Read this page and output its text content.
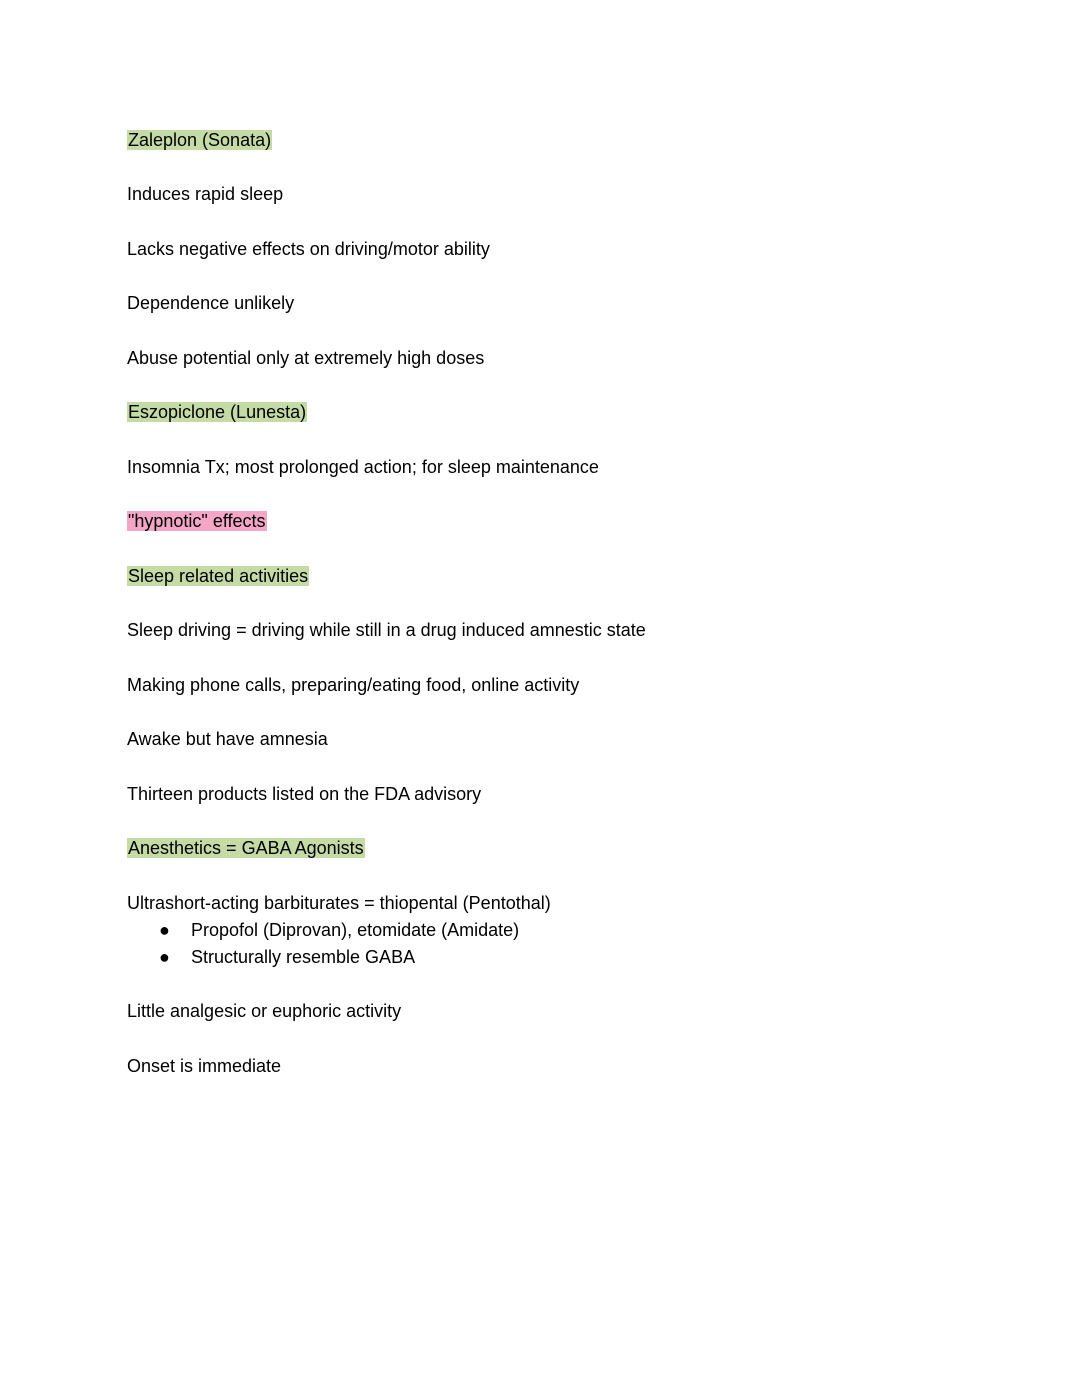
Zaleplon (Sonata)
Induces rapid sleep
Lacks negative effects on driving/motor ability
Dependence unlikely
Abuse potential only at extremely high doses
Eszopiclone (Lunesta)
Insomnia Tx; most prolonged action; for sleep maintenance
"hypnotic" effects
Sleep related activities
Sleep driving = driving while still in a drug induced amnestic state
Making phone calls, preparing/eating food, online activity
Awake but have amnesia
Thirteen products listed on the FDA advisory
Anesthetics = GABA Agonists
Ultrashort-acting barbiturates = thiopental (Pentothal)
● Propofol (Diprovan), etomidate (Amidate)
● Structurally resemble GABA
Little analgesic or euphoric activity
Onset is immediate
